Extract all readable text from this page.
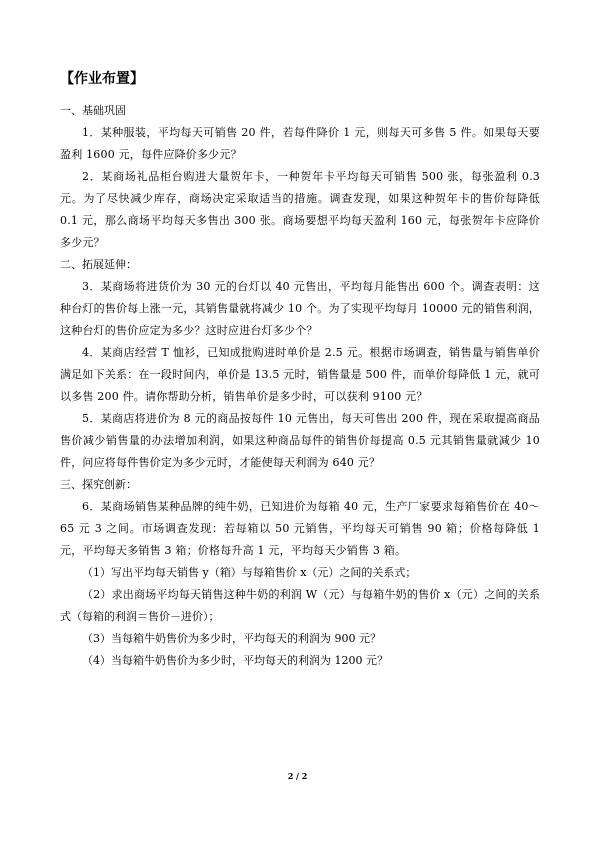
【作业布置】

一、基础巩固

1．某种服装，平均每天可销售 20 件，若每件降价 1 元，则每天可多售 5 件。如果每天要盈利 1600 元，每件应降价多少元？

2．某商场礼品柜台购进大量贺年卡，一种贺年卡平均每天可销售 500 张，每张盈利 0.3 元。为了尽快减少库存，商场决定采取适当的措施。调查发现，如果这种贺年卡的售价每降低 0.1 元，那么商场平均每天多售出 300 张。商场要想平均每天盈利 160 元，每张贺年卡应降价多少元？

二、拓展延伸：

3．某商场将进货价为 30 元的台灯以 40 元售出，平均每月能售出 600 个。调查表明：这种台灯的售价每上涨一元，其销售量就将减少 10 个。为了实现平均每月 10000 元的销售利润，这种台灯的售价应定为多少？这时应进台灯多少个？

4．某商店经营 T 恤衫，已知成批购进时单价是 2.5 元。根据市场调查，销售量与销售单价满足如下关系：在一段时间内，单价是 13.5 元时，销售量是 500 件，而单价每降低 1 元，就可以多售 200 件。请你帮助分析，销售单价是多少时，可以获利 9100 元？

5．某商店将进价为 8 元的商品按每件 10 元售出，每天可售出 200 件，现在采取提高商品售价减少销售量的办法增加利润，如果这种商品每件的销售价每提高 0.5 元其销售量就减少 10 件，问应将每件售价定为多少元时，才能使每天利润为 640 元？

三、探究创新：

6．某商场销售某种品牌的纯牛奶，已知进价为每箱 40 元，生产厂家要求每箱售价在 40～65 元 3 之间。市场调查发现：若每箱以 50 元销售，平均每天可销售 90 箱；价格每降低 1 元，平均每天多销售 3 箱；价格每升高 1 元，平均每天少销售 3 箱。

（1）写出平均每天销售 y（箱）与每箱售价 x（元）之间的关系式；

（2）求出商场平均每天销售这种牛奶的利润 W（元）与每箱牛奶的售价 x（元）之间的关系式（每箱的利润＝售价－进价）；

（3）当每箱牛奶售价为多少时，平均每天的利润为 900 元？

（4）当每箱牛奶售价为多少时，平均每天的利润为 1200 元？

2 / 2
